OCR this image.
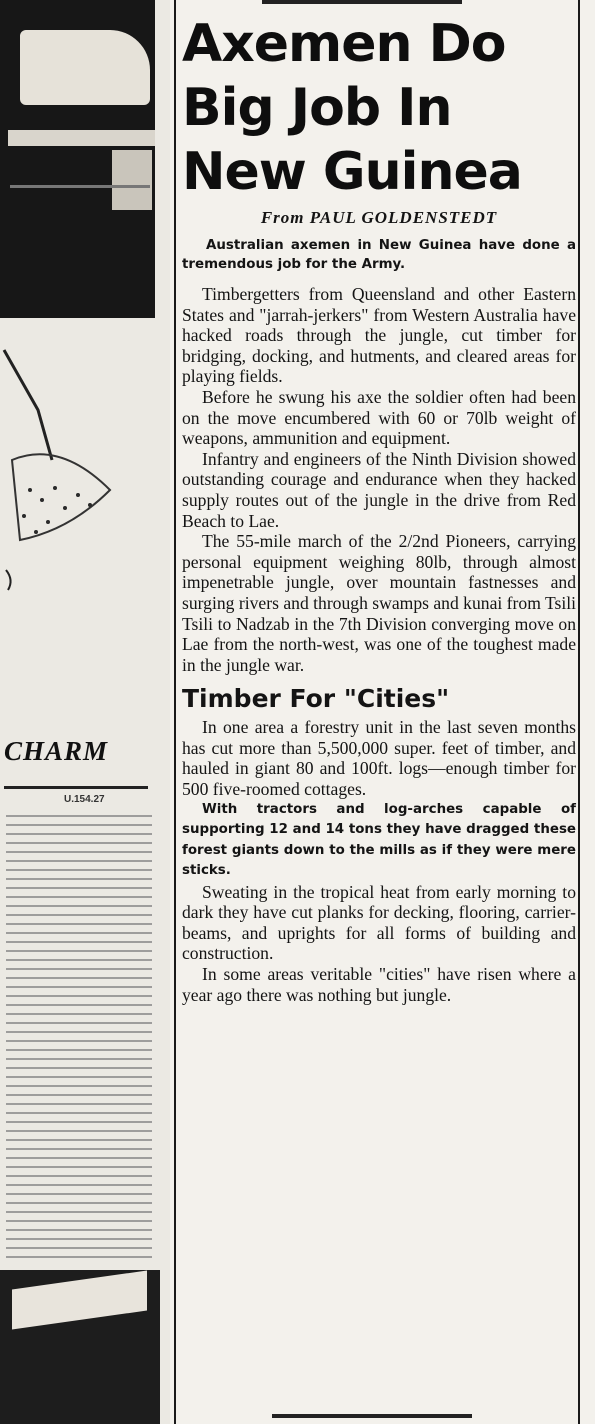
CHARM
U.154.27
Axemen Do Big Job In New Guinea
From PAUL GOLDENSTEDT

Australian axemen in New Guinea have done a tremendous job for the Army.

Timbergetters from Queensland and other Eastern States and "jarrah-jerkers" from Western Australia have hacked roads through the jungle, cut timber for bridging, docking, and hutments, and cleared areas for playing fields.

Before he swung his axe the soldier often had been on the move encumbered with 60 or 70lb weight of weapons, ammunition and equipment.

Infantry and engineers of the Ninth Division showed outstanding courage and endurance when they hacked supply routes out of the jungle in the drive from Red Beach to Lae.

The 55-mile march of the 2/2nd Pioneers, carrying personal equipment weighing 80lb, through almost impenetrable jungle, over mountain fastnesses and surging rivers and through swamps and kunai from Tsili Tsili to Nadzab in the 7th Division converging move on Lae from the north-west, was one of the toughest made in the jungle war.

Timber For "Cities"

In one area a forestry unit in the last seven months has cut more than 5,500,000 super. feet of timber, and hauled in giant 80 and 100ft. logs—enough timber for 500 five-roomed cottages.

With tractors and log-arches capable of supporting 12 and 14 tons they have dragged these forest giants down to the mills as if they were mere sticks.

Sweating in the tropical heat from early morning to dark they have cut planks for decking, flooring, carrier-beams, and uprights for all forms of building and construction.

In some areas veritable "cities" have risen where a year ago there was nothing but jungle.
